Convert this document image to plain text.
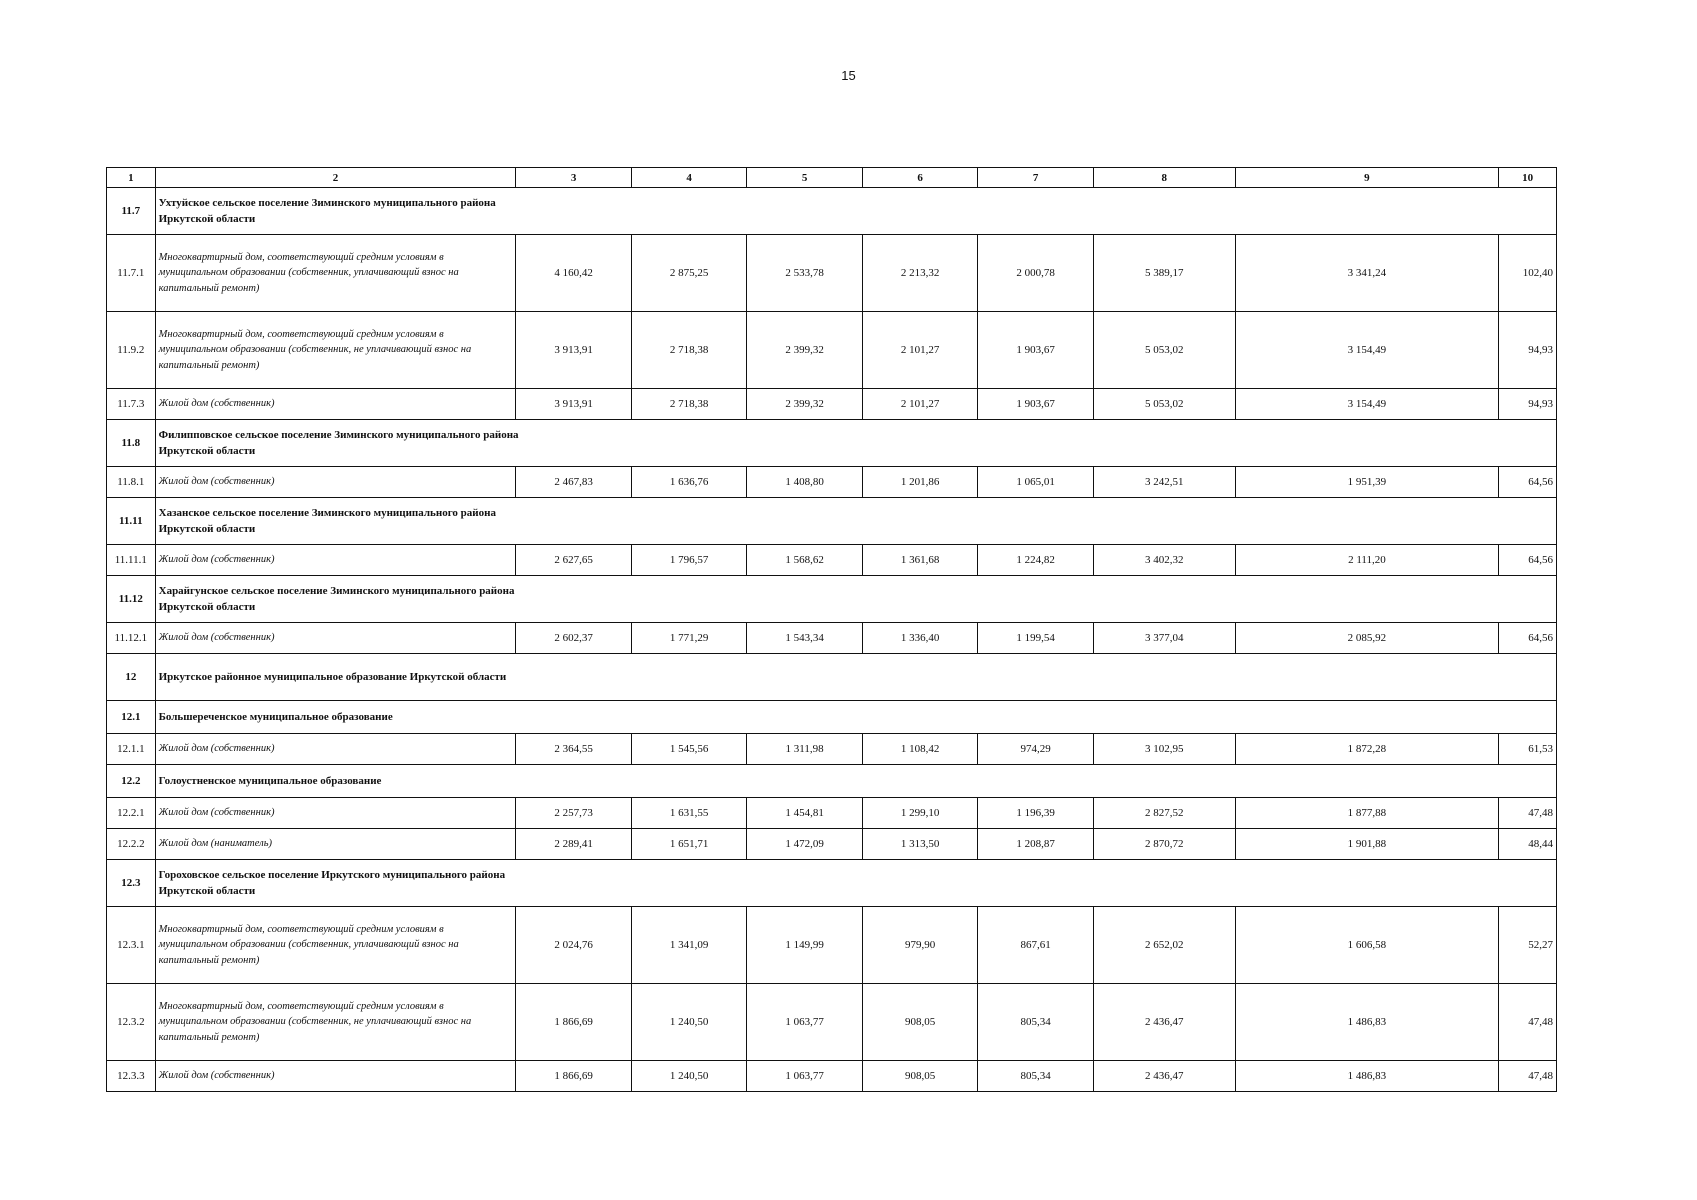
15
1	2	3	4	5	6	7	8	9	10
11.7	Ухтуйское сельское поселение Зиминского муниципального района Иркутской области								

11.7.1	Многоквартирный дом, соответствующий средним условиям в муниципальном образовании (собственник, уплачивающий взнос на капитальный ремонт)	4 160,42	2 875,25	2 533,78	2 213,32	2 000,78	5 389,17	3 341,24	102,40
11.9.2	Многоквартирный дом, соответствующий средним условиям в муниципальном образовании (собственник, не уплачивающий взнос на капитальный ремонт)	3 913,91	2 718,38	2 399,32	2 101,27	1 903,67	5 053,02	3 154,49	94,93
11.7.3	Жилой дом (собственник)	3 913,91	2 718,38	2 399,32	2 101,27	1 903,67	5 053,02	3 154,49	94,93
11.8	Филипповское сельское поселение Зиминского муниципального района Иркутской области								

11.8.1	Жилой дом (собственник)	2 467,83	1 636,76	1 408,80	1 201,86	1 065,01	3 242,51	1 951,39	64,56
11.11	Хазанское сельское поселение Зиминского муниципального района Иркутской области								

11.11.1	Жилой дом (собственник)	2 627,65	1 796,57	1 568,62	1 361,68	1 224,82	3 402,32	2 111,20	64,56
11.12	Харайгунское сельское поселение Зиминского муниципального района Иркутской области								

11.12.1	Жилой дом (собственник)	2 602,37	1 771,29	1 543,34	1 336,40	1 199,54	3 377,04	2 085,92	64,56
12	Иркутское районное муниципальное образование Иркутской области								

12.1	Большереченское муниципальное образование								

12.1.1	Жилой дом (собственник)	2 364,55	1 545,56	1 311,98	1 108,42	974,29	3 102,95	1 872,28	61,53
12.2	Голоустненское муниципальное образование								

12.2.1	Жилой дом (собственник)	2 257,73	1 631,55	1 454,81	1 299,10	1 196,39	2 827,52	1 877,88	47,48
12.2.2	Жилой дом (наниматель)	2 289,41	1 651,71	1 472,09	1 313,50	1 208,87	2 870,72	1 901,88	48,44
12.3	Гороховское сельское поселение Иркутского муниципального района Иркутской области								

12.3.1	Многоквартирный дом, соответствующий средним условиям в муниципальном образовании (собственник, уплачивающий взнос на капитальный ремонт)	2 024,76	1 341,09	1 149,99	979,90	867,61	2 652,02	1 606,58	52,27
12.3.2	Многоквартирный дом, соответствующий средним условиям в муниципальном образовании (собственник, не уплачивающий взнос на капитальный ремонт)	1 866,69	1 240,50	1 063,77	908,05	805,34	2 436,47	1 486,83	47,48
12.3.3	Жилой дом (собственник)	1 866,69	1 240,50	1 063,77	908,05	805,34	2 436,47	1 486,83	47,48
